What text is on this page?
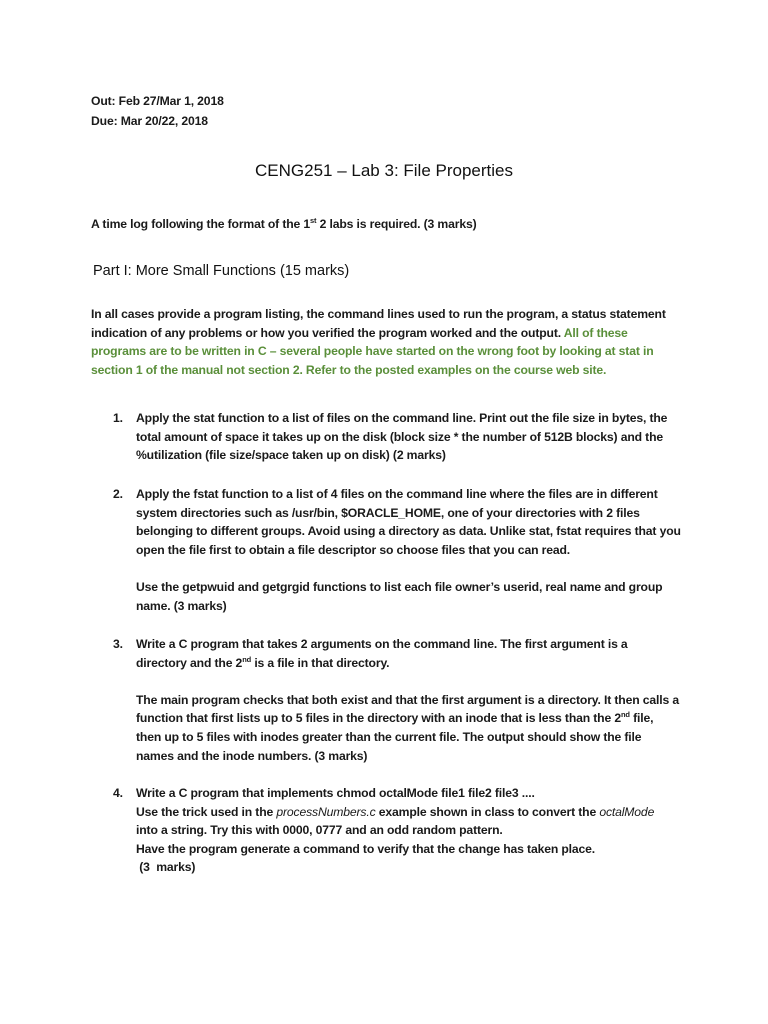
Out: Feb 27/Mar 1, 2018
Due: Mar 20/22, 2018
CENG251 – Lab 3: File Properties
A time log following the format of the 1st 2 labs is required. (3 marks)
Part I: More Small Functions (15 marks)
In all cases provide a program listing, the command lines used to run the program, a status statement indication of any problems or how you verified the program worked and the output. All of these programs are to be written in C – several people have started on the wrong foot by looking at stat in section 1 of the manual not section 2. Refer to the posted examples on the course web site.
1.	Apply the stat function to a list of files on the command line. Print out the file size in bytes, the total amount of space it takes up on the disk (block size * the number of 512B blocks) and the %utilization (file size/space taken up on disk) (2 marks)

2.	Apply the fstat function to a list of 4 files on the command line where the files are in different system directories such as /usr/bin, $ORACLE_HOME, one of your directories with 2 files belonging to different groups. Avoid using a directory as data. Unlike stat, fstat requires that you open the file first to obtain a file descriptor so choose files that you can read.

Use the getpwuid and getgrgid functions to list each file owner’s userid, real name and group name. (3 marks)

3.	Write a C program that takes 2 arguments on the command line. The first argument is a directory and the 2nd is a file in that directory.

The main program checks that both exist and that the first argument is a directory. It then calls a function that first lists up to 5 files in the directory with an inode that is less than the 2nd file, then up to 5 files with inodes greater than the current file. The output should show the file names and the inode numbers. (3 marks)

4.	Write a C program that implements chmod octalMode file1 file2 file3 ....
Use the trick used in the processNumbers.c example shown in class to convert the octalMode
into a string. Try this with 0000, 0777 and an odd random pattern.
Have the program generate a command to verify that the change has taken place.
(3  marks)
